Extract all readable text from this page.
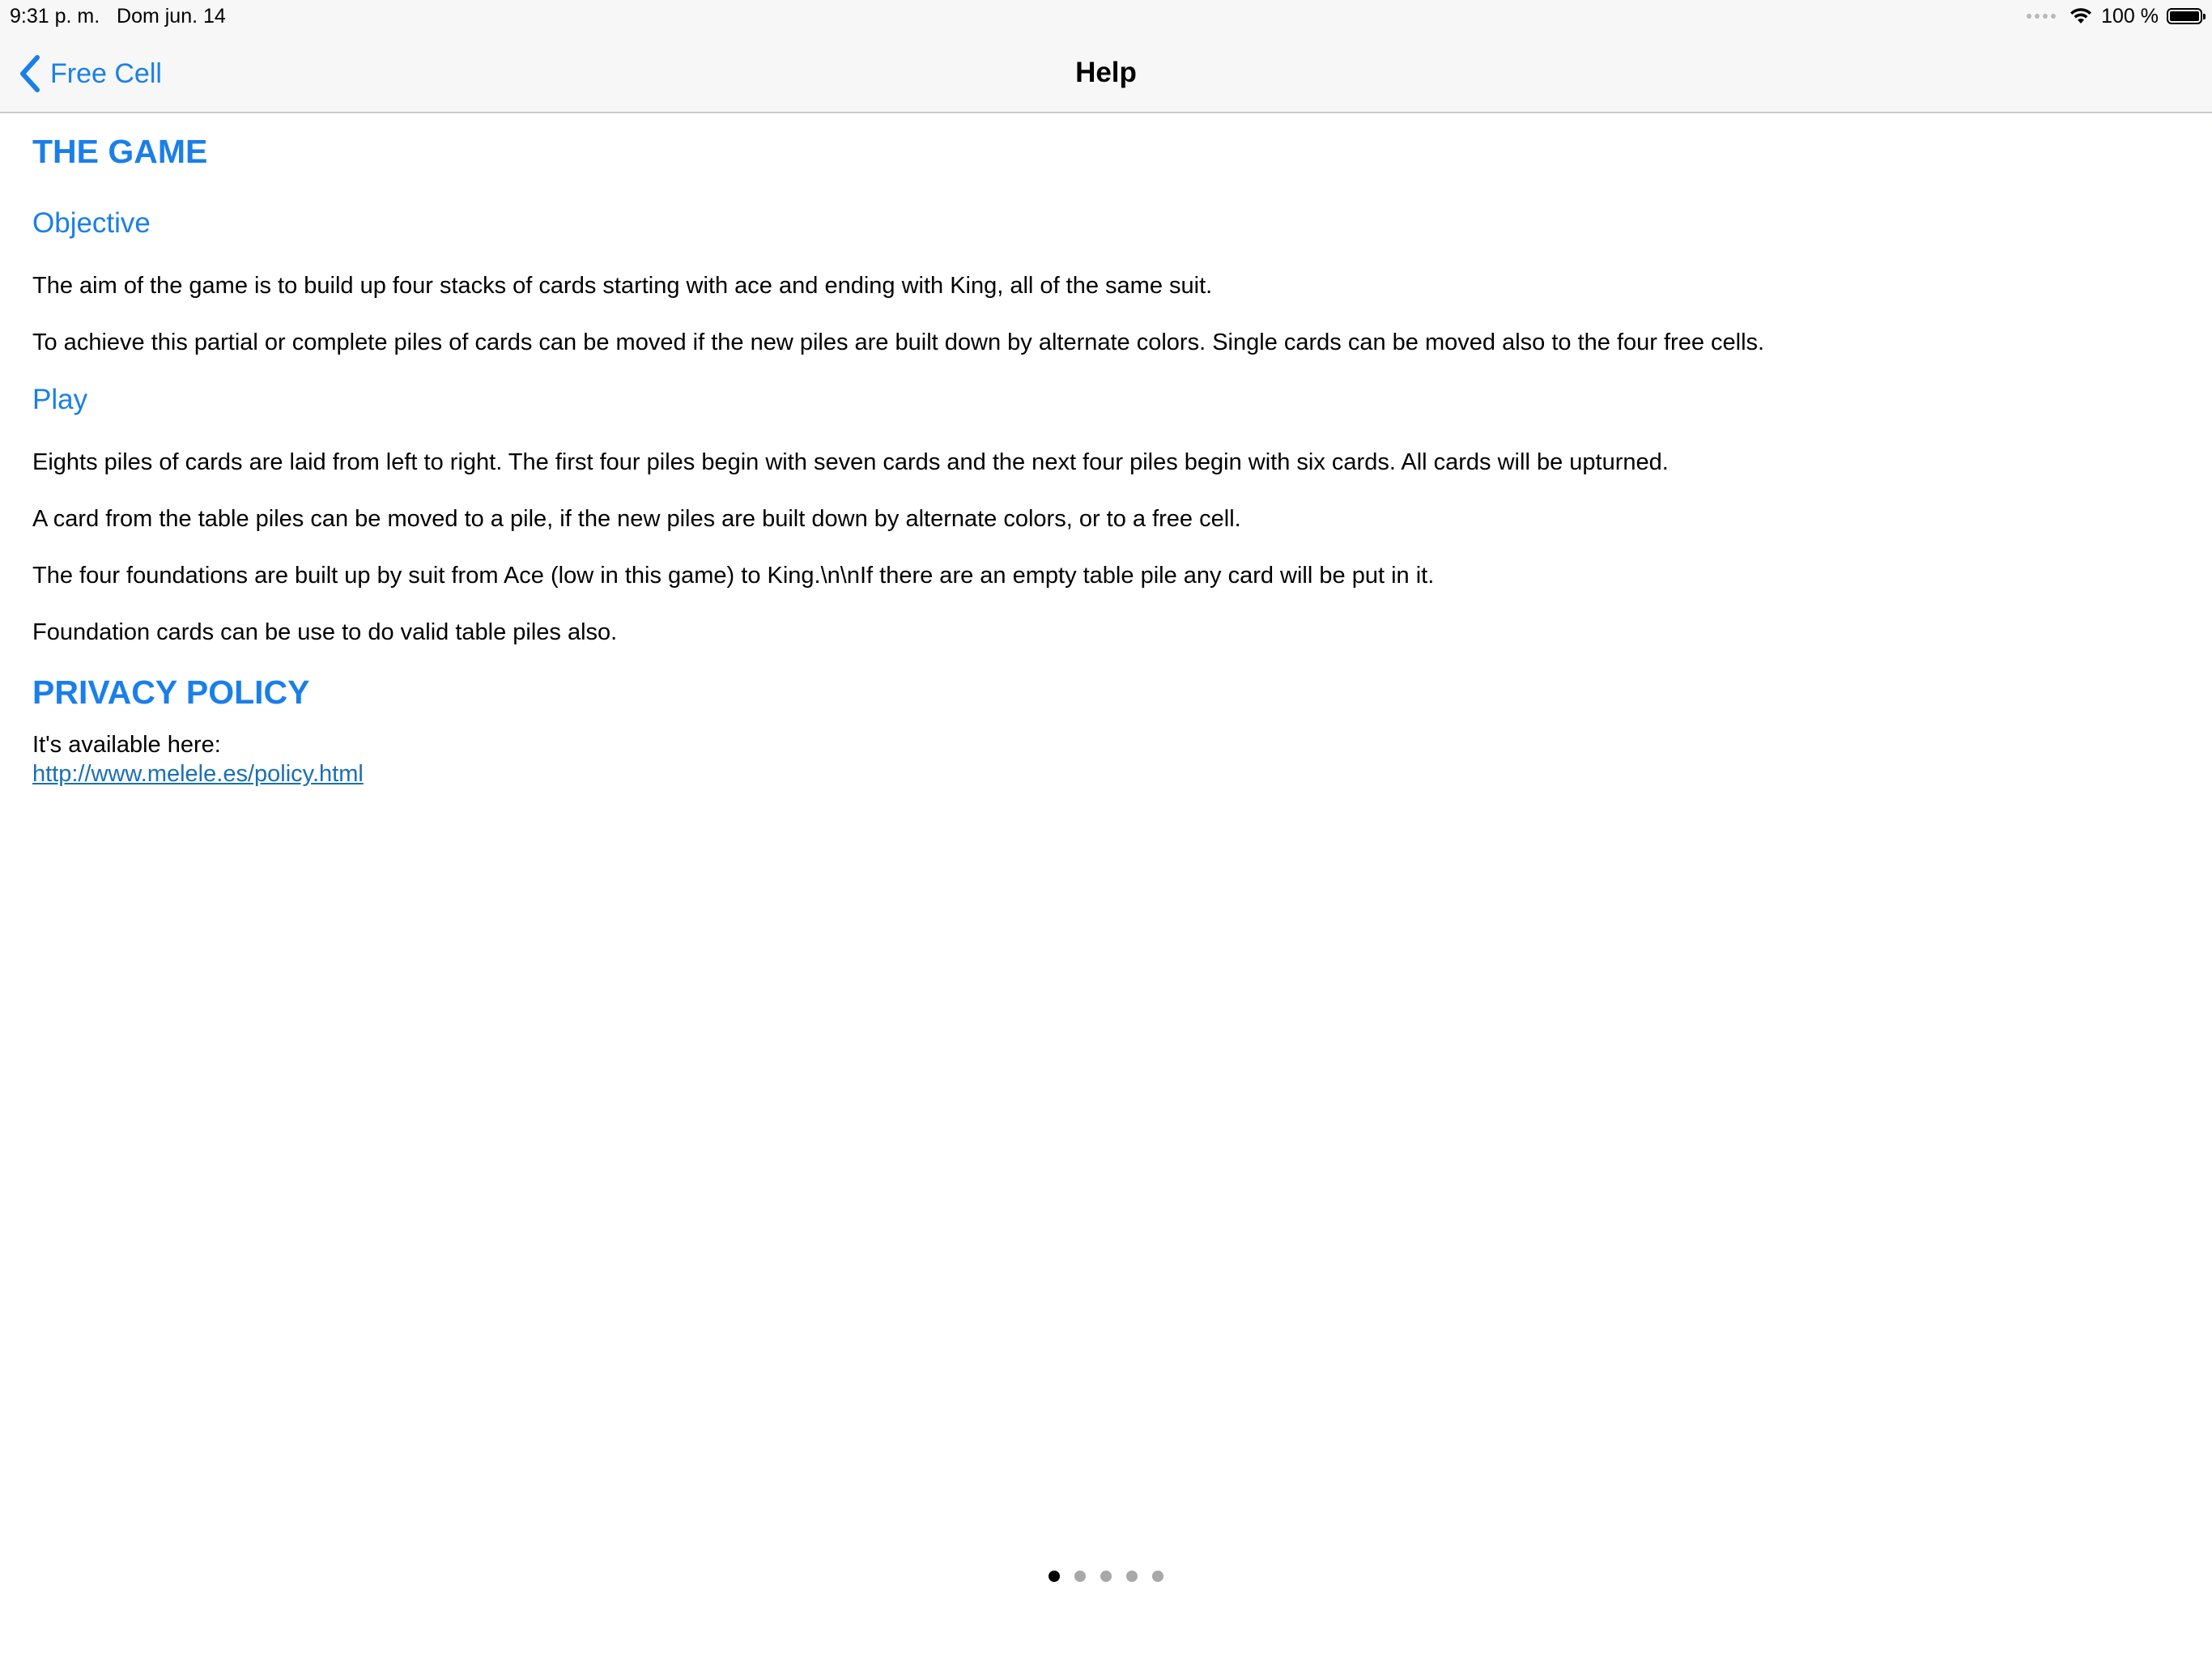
9:31 p. m. Dom jun. 14	100 %
Free Cell	Help
THE GAME
Objective
The aim of the game is to build up four stacks of cards starting with ace and ending with King, all of the same suit.
To achieve this partial or complete piles of cards can be moved if the new piles are built down by alternate colors. Single cards can be moved also to the four free cells.
Play
Eights piles of cards are laid from left to right. The first four piles begin with seven cards and the next four piles begin with six cards. All cards will be upturned.
A card from the table piles can be moved to a pile, if the new piles are built down by alternate colors, or to a free cell.
The four foundations are built up by suit from Ace (low in this game) to King.\n\nIf there are an empty table pile any card will be put in it.
Foundation cards can be use to do valid table piles also.
PRIVACY POLICY
It's available here:
http://www.melele.es/policy.html
